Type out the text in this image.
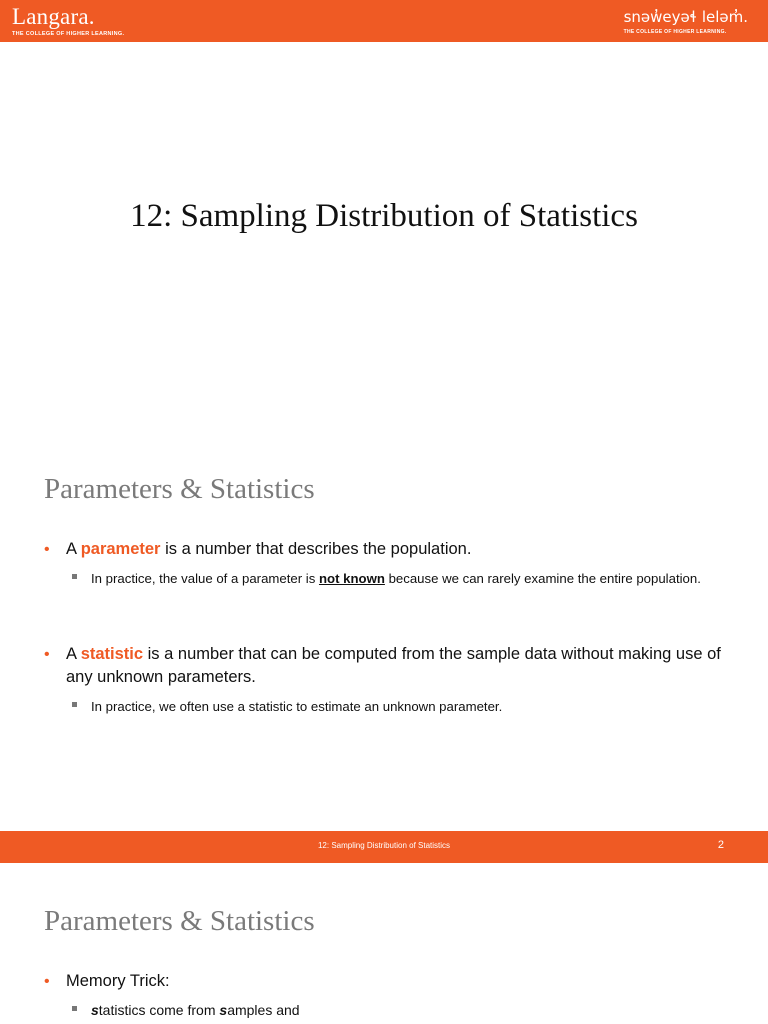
Langara.
THE COLLEGE OF HIGHER LEARNING.
snəw̓eyəɬ leləm̓.
THE COLLEGE OF HIGHER LEARNING.
12: Sampling Distribution of Statistics
Parameters & Statistics
• A parameter is a number that describes the population.
In practice, the value of a parameter is not known because we can rarely examine the entire population.
• A statistic is a number that can be computed from the sample data without making use of any unknown parameters.
In practice, we often use a statistic to estimate an unknown parameter.
12: Sampling Distribution of Statistics	2
Parameters & Statistics
• Memory Trick:
statistics come from samples and
